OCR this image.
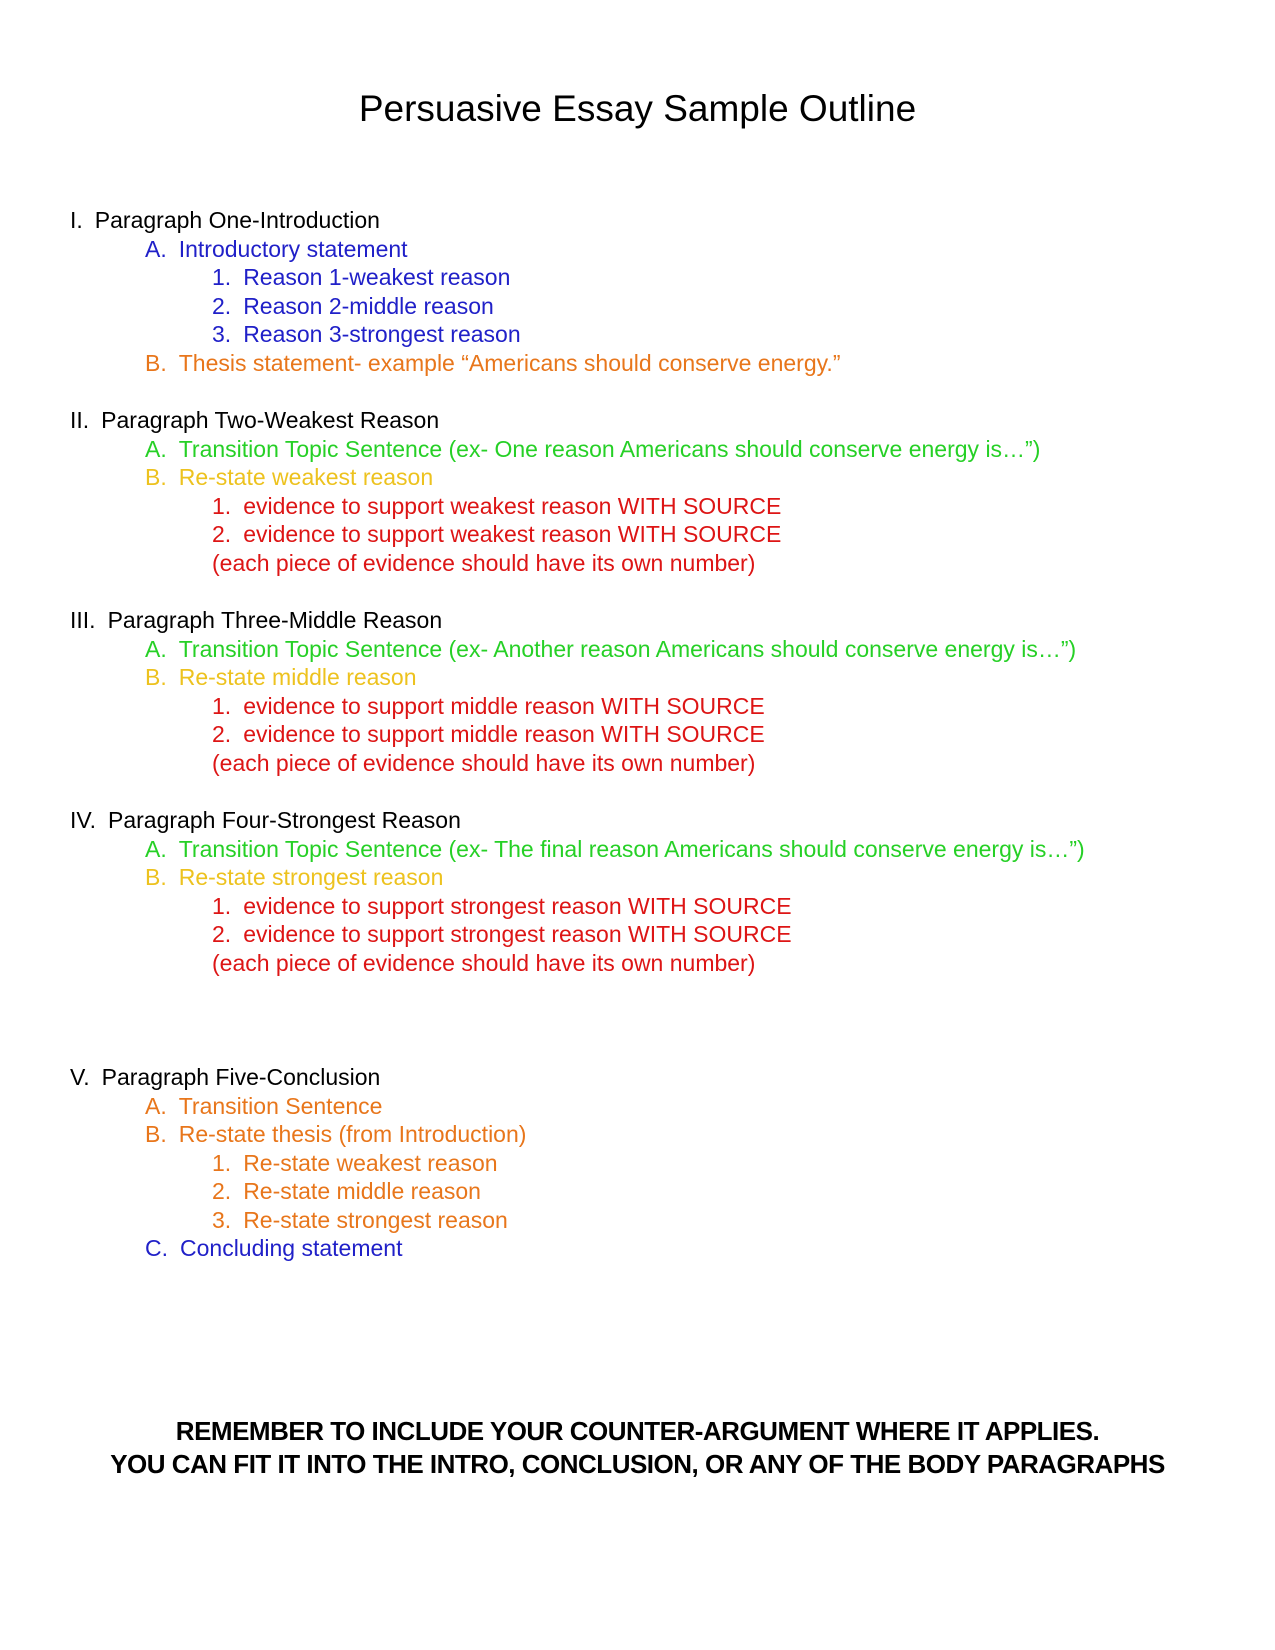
Persuasive Essay Sample Outline
I. Paragraph One-Introduction
A. Introductory statement
1. Reason 1-weakest reason
2. Reason 2-middle reason
3. Reason 3-strongest reason
B. Thesis statement- example “Americans should conserve energy.”
II. Paragraph Two-Weakest Reason
A. Transition Topic Sentence (ex- One reason Americans should conserve energy is…”)
B. Re-state weakest reason
1. evidence to support weakest reason WITH SOURCE
2. evidence to support weakest reason WITH SOURCE
(each piece of evidence should have its own number)
III. Paragraph Three-Middle Reason
A. Transition Topic Sentence (ex- Another reason Americans should conserve energy is…”)
B. Re-state middle reason
1. evidence to support middle reason WITH SOURCE
2. evidence to support middle reason WITH SOURCE
(each piece of evidence should have its own number)
IV. Paragraph Four-Strongest Reason
A. Transition Topic Sentence (ex- The final reason Americans should conserve energy is…”)
B. Re-state strongest reason
1. evidence to support strongest reason WITH SOURCE
2. evidence to support strongest reason WITH SOURCE
(each piece of evidence should have its own number)
V. Paragraph Five-Conclusion
A. Transition Sentence
B. Re-state thesis (from Introduction)
1. Re-state weakest reason
2. Re-state middle reason
3. Re-state strongest reason
C. Concluding statement
REMEMBER TO INCLUDE YOUR COUNTER-ARGUMENT WHERE IT APPLIES.
YOU CAN FIT IT INTO THE INTRO, CONCLUSION, OR ANY OF THE BODY PARAGRAPHS
